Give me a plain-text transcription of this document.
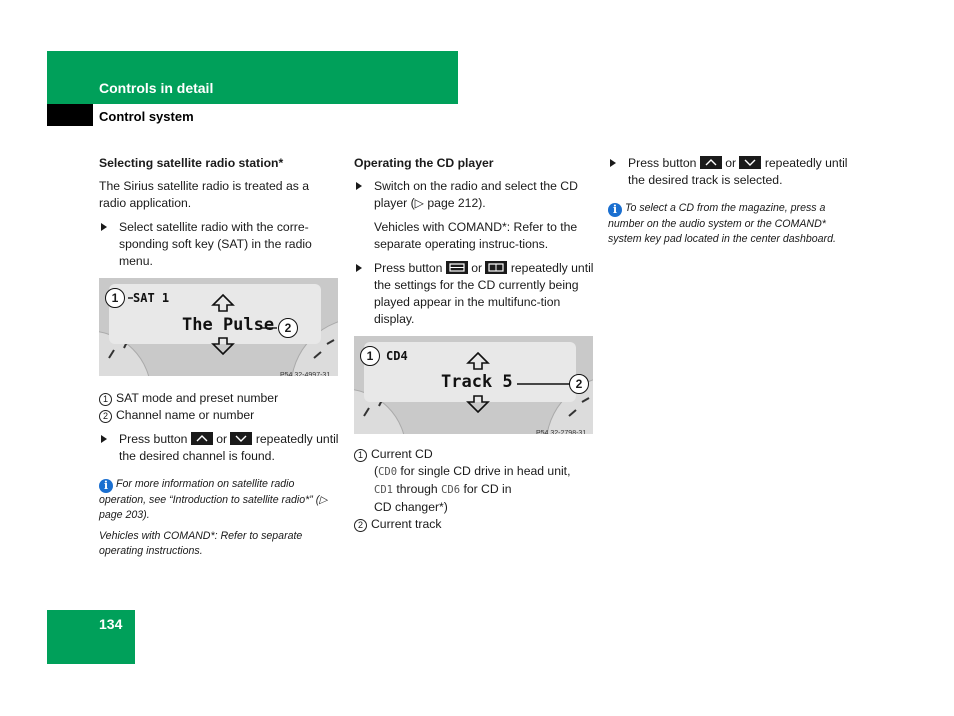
Controls in detail
Control system

Selecting satellite radio station*

The Sirius satellite radio is treated as a radio application.

Select satellite radio with the corre-sponding soft key (SAT) in the radio menu.

SAT 1
The Pulse
1
2
P54.32-4997-31

1 SAT mode and preset number

2 Channel name or number

Press button or repeatedly until the desired channel is found.

i For more information on satellite radio operation, see “Introduction to satellite radio*” (▷ page 203).

Vehicles with COMAND*: Refer to separate operating instructions.

Operating the CD player

Switch on the radio and select the CD player (▷ page 212).

Vehicles with COMAND*: Refer to the separate operating instruc-tions.

Press button or repeatedly until the settings for the CD currently being played appear in the multifunc-tion display.

CD4
Track 5
1
2
P54.32-2798-31

1 Current CD

(CD0 for single CD drive in head unit,
CD1 through CD6 for CD in
CD changer*)

2 Current track

Press button or repeatedly until the desired track is selected.

i To select a CD from the magazine, press a number on the audio system or the COMAND* system key pad located in the center dashboard.

134
